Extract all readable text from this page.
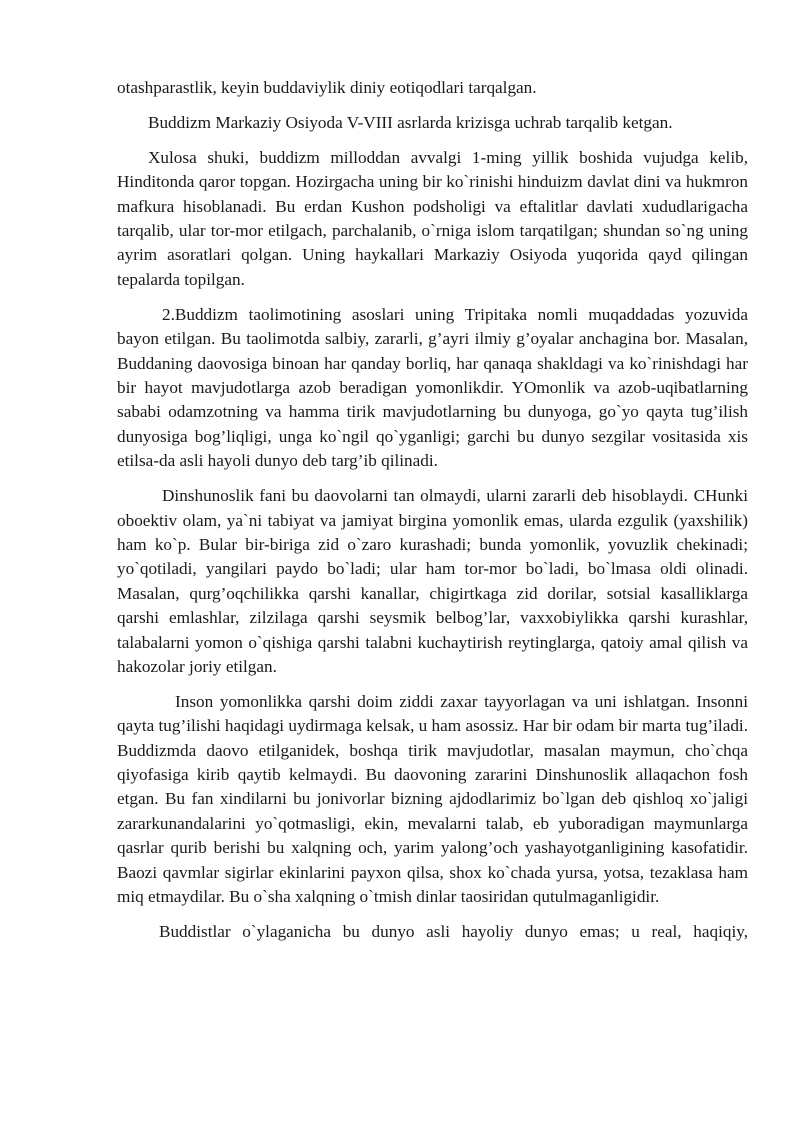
otashparastlik, keyin buddaviylik diniy eotiqodlari tarqalgan.

Buddizm Markaziy Osiyoda V-VIII asrlarda krizisga uchrab tarqalib ketgan.

Xulosa shuki, buddizm milloddan avvalgi 1-ming yillik boshida vujudga kelib, Hinditonda qaror topgan. Hozirgacha uning bir ko`rinishi hinduizm davlat dini va hukmron mafkura hisoblanadi. Bu erdan Kushon podsholigi va eftalitlar davlati xududlarigacha tarqalib, ular tor-mor etilgach, parchalanib, o`rniga islom tarqatilgan; shundan so`ng uning ayrim asoratlari qolgan. Uning haykallari Markaziy Osiyoda yuqorida qayd qilingan tepalarda topilgan.

2.Buddizm taolimotining asoslari uning Tripitaka nomli muqaddadas yozuvida bayon etilgan. Bu taolimotda salbiy, zararli, g’ayri ilmiy g’oyalar anchagina bor. Masalan, Buddaning daovosiga binoan har qanday borliq, har qanaqa shakldagi va ko`rinishdagi har bir hayot mavjudotlarga azob beradigan yomonlikdir. YOmonlik va azob-uqibatlarning sababi odamzotning va hamma tirik mavjudotlarning bu dunyoga, go`yo qayta tug’ilish dunyosiga bog’liqligi, unga ko`ngil qo`yganligi; garchi bu dunyo sezgilar vositasida xis etilsa-da asli hayoli dunyo deb targ’ib qilinadi.

Dinshunoslik fani bu daovolarni tan olmaydi, ularni zararli deb hisoblaydi. CHunki oboektiv olam, ya`ni tabiyat va jamiyat birgina yomonlik emas, ularda ezgulik (yaxshilik) ham ko`p. Bular bir-biriga zid o`zaro kurashadi; bunda yomonlik, yovuzlik chekinadi; yo`qotiladi, yangilari paydo bo`ladi; ular ham tor-mor bo`ladi, bo`lmasa oldi olinadi. Masalan, qurg’oqchilikka qarshi kanallar, chigirtkaga zid dorilar, sotsial kasalliklarga qarshi emlashlar, zilzilaga qarshi seysmik belbog’lar, vaxxobiylikka qarshi kurashlar, talabalarni yomon o`qishiga qarshi talabni kuchaytirish reytinglarga, qatoiy amal qilish va hakozolar joriy etilgan.

Inson yomonlikka qarshi doim ziddi zaxar tayyorlagan va uni ishlatgan. Insonni qayta tug’ilishi haqidagi uydirmaga kelsak, u ham asossiz. Har bir odam bir marta tug’iladi. Buddizmda daovo etilganidek, boshqa tirik mavjudotlar, masalan maymun, cho`chqa qiyofasiga kirib qaytib kelmaydi. Bu daovoning zararini Dinshunoslik allaqachon fosh etgan. Bu fan xindilarni bu jonivorlar bizning ajdodlarimiz bo`lgan deb qishloq xo`jaligi zararkunandalarini yo`qotmasligi, ekin, mevalarni talab, eb yuboradigan maymunlarga qasrlar qurib berishi bu xalqning och, yarim yalong’och yashayotganligining kasofatidir. Baozi qavmlar sigirlar ekinlarini payxon qilsa, shox ko`chada yursa, yotsa, tezaklasa ham miq etmaydilar. Bu o`sha xalqning o`tmish dinlar taosiridan qutulmaganligidir.

Buddistlar o`ylaganicha bu dunyo asli hayoliy dunyo emas; u real, haqiqiy,
